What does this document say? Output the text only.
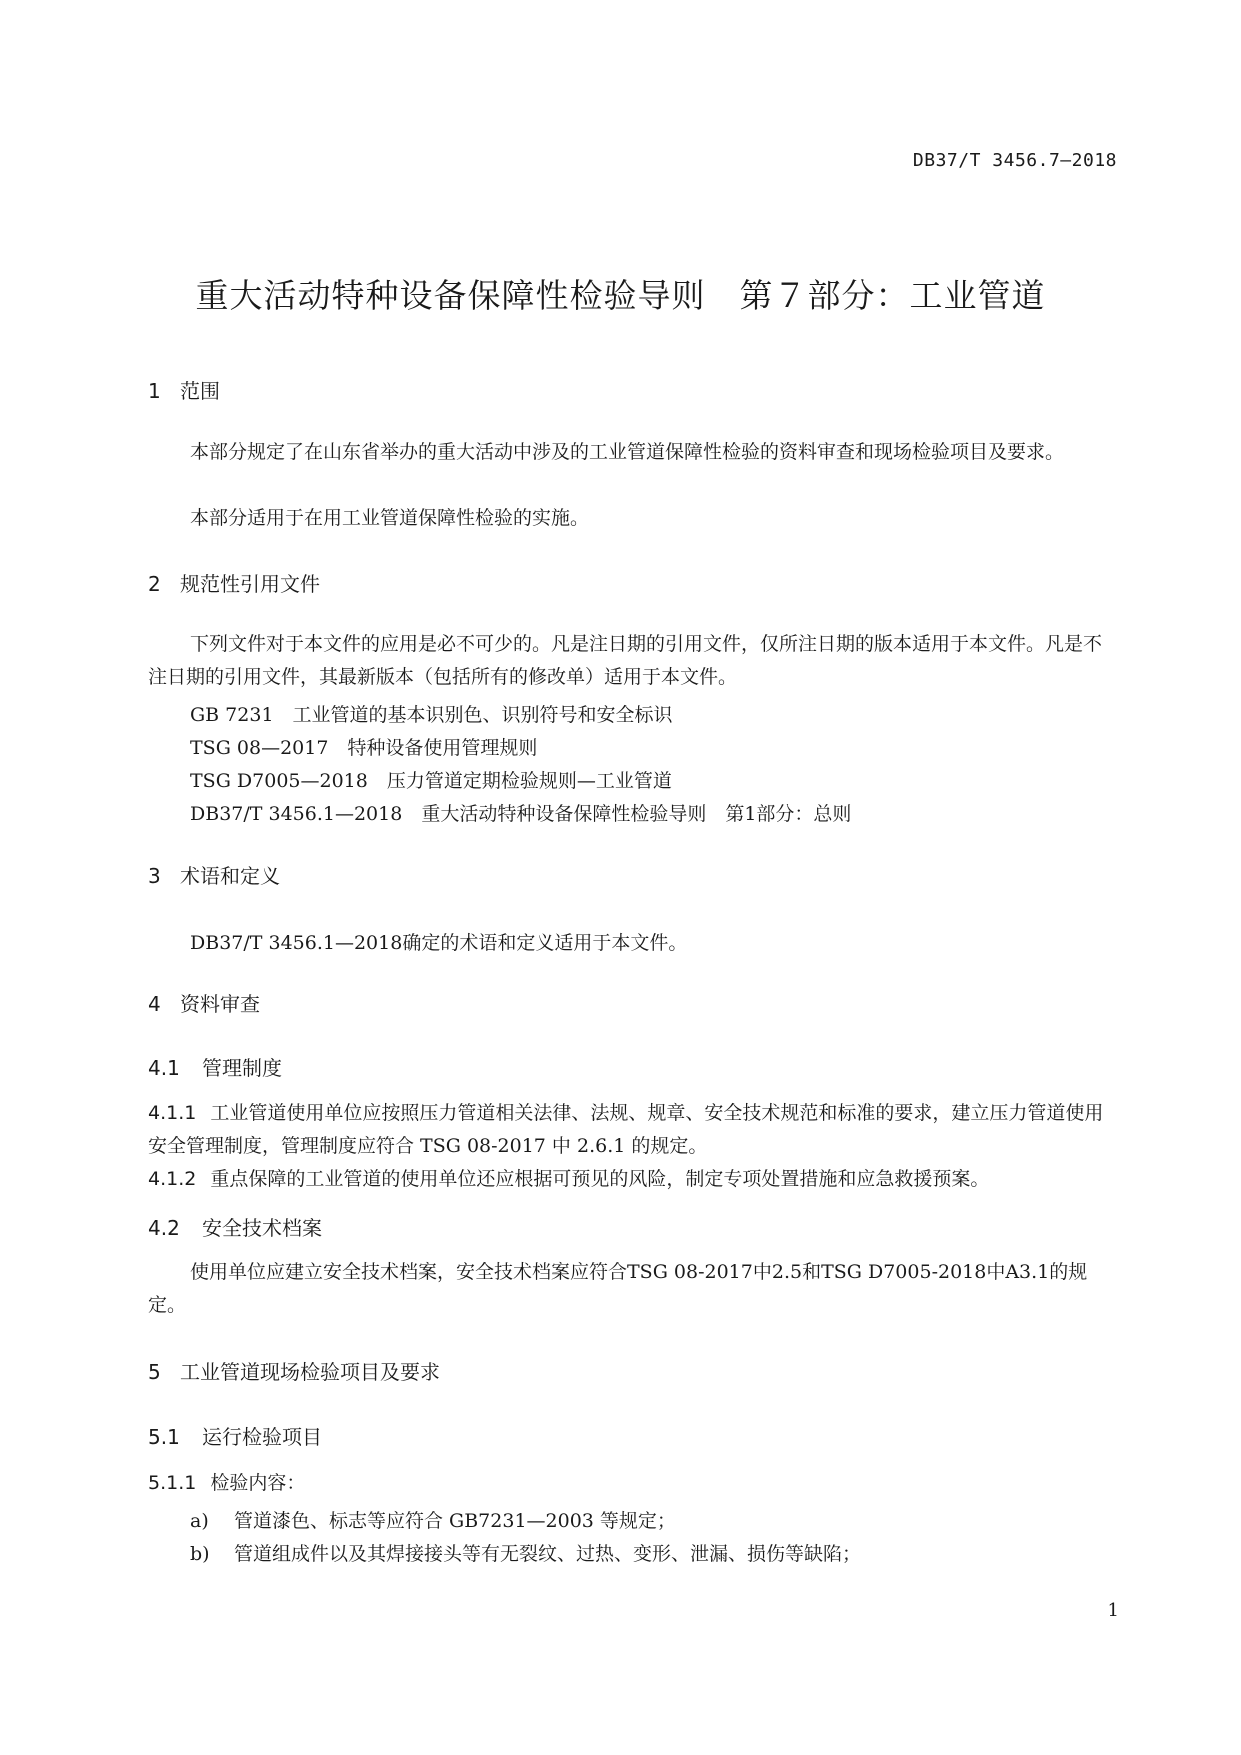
DB37/T 3456.7—2018
重大活动特种设备保障性检验导则　第７部分：工业管道
1 范围
本部分规定了在山东省举办的重大活动中涉及的工业管道保障性检验的资料审查和现场检验项目及要求。
本部分适用于在用工业管道保障性检验的实施。
2 规范性引用文件
下列文件对于本文件的应用是必不可少的。凡是注日期的引用文件，仅所注日期的版本适用于本文件。凡是不注日期的引用文件，其最新版本（包括所有的修改单）适用于本文件。
GB 7231　工业管道的基本识别色、识别符号和安全标识
TSG 08—2017　特种设备使用管理规则
TSG D7005—2018　压力管道定期检验规则—工业管道
DB37/T 3456.1—2018　重大活动特种设备保障性检验导则　第1部分：总则
3 术语和定义
DB37/T 3456.1—2018确定的术语和定义适用于本文件。
4 资料审查
4.1 管理制度
4.1.1 工业管道使用单位应按照压力管道相关法律、法规、规章、安全技术规范和标准的要求，建立压力管道使用安全管理制度，管理制度应符合 TSG 08-2017 中 2.6.1 的规定。
4.1.2 重点保障的工业管道的使用单位还应根据可预见的风险，制定专项处置措施和应急救援预案。
4.2 安全技术档案
使用单位应建立安全技术档案，安全技术档案应符合TSG 08-2017中2.5和TSG D7005-2018中A3.1的规定。
5 工业管道现场检验项目及要求
5.1 运行检验项目
5.1.1 检验内容：
a) 管道漆色、标志等应符合 GB7231—2003 等规定；
b) 管道组成件以及其焊接接头等有无裂纹、过热、变形、泄漏、损伤等缺陷；
1
